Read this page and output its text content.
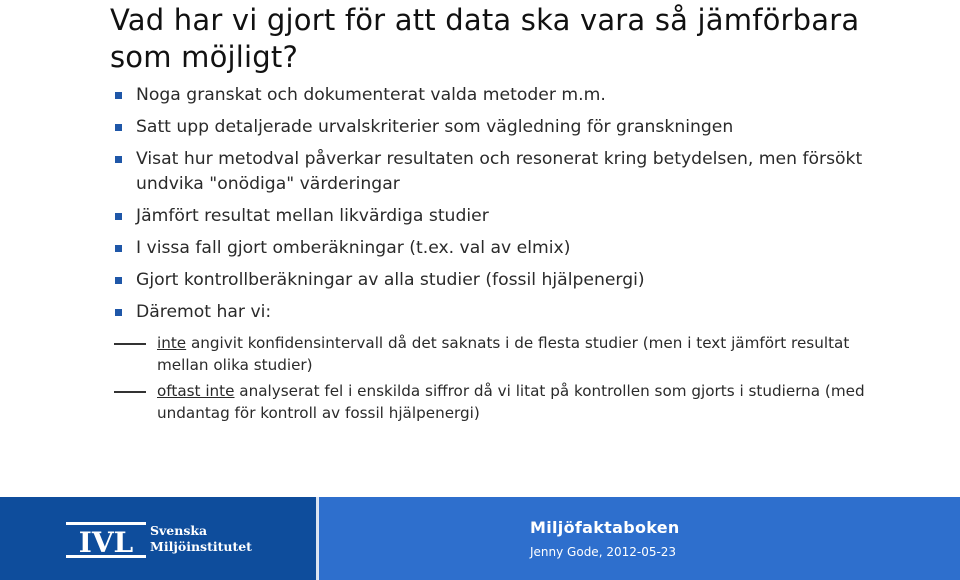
Vad har vi gjort för att data ska vara så jämförbara som möjligt?
Noga granskat och dokumenterat valda metoder m.m.
Satt upp detaljerade urvalskriterier som vägledning för granskningen
Visat hur metodval påverkar resultaten och resonerat kring betydelsen, men försökt undvika "onödiga" värderingar
Jämfört resultat mellan likvärdiga studier
I vissa fall gjort omberäkningar (t.ex. val av elmix)
Gjort kontrollberäkningar av alla studier (fossil hjälpenergi)
Däremot har vi:
inte angivit konfidensintervall då det saknats i de flesta studier (men i text jämfört resultat mellan olika studier)
oftast inte analyserat fel i enskilda siffror då vi litat på kontrollen som gjorts i studierna (med undantag för kontroll av fossil hjälpenergi)
IVL Svenska
Miljöinstitutet
Miljöfaktaboken
Jenny Gode, 2012-05-23
